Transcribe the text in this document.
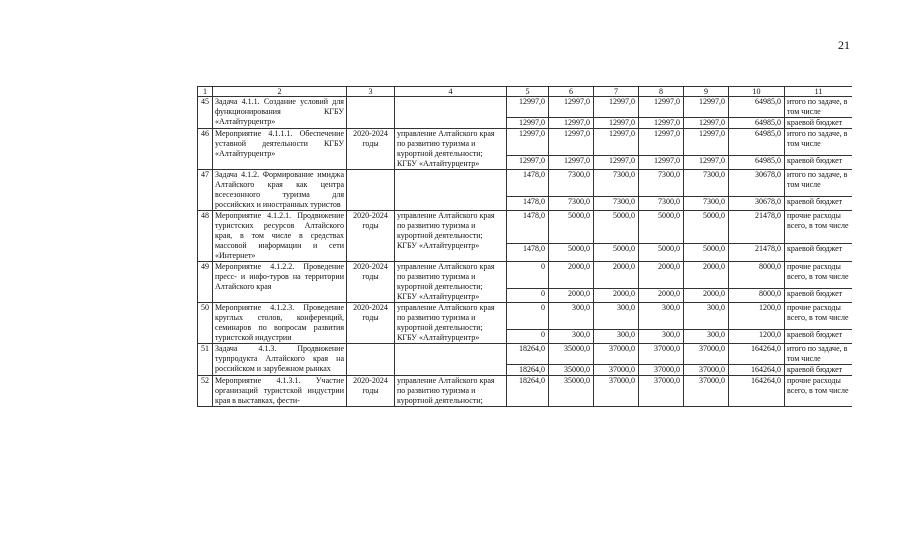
21
1	2	3	4	5	6	7	8	9	10	11
45	Задача 4.1.1. Создание условий для функционирования КГБУ «Алтайтурцентр»			12997,0	12997,0	12997,0	12997,0	12997,0	64985,0	итого по задаче, в том числе
				12997,0	12997,0	12997,0	12997,0	12997,0	64985,0	краевой бюджет
46	Мероприятие 4.1.1.1. Обеспечение уставной деятельности КГБУ «Алтайтурцентр»	2020-2024 годы	управление Алтайского края по развитию туризма и курортной деятельности; КГБУ «Алтайтурцентр»	12997,0	12997,0	12997,0	12997,0	12997,0	64985,0	итого по задаче, в том числе
				12997,0	12997,0	12997,0	12997,0	12997,0	64985,0	краевой бюджет
47	Задача 4.1.2. Формирование имиджа Алтайского края как центра всесезонного туризма для российских и иностранных туристов			1478,0	7300,0	7300,0	7300,0	7300,0	30678,0	итого по задаче, в том числе
				1478,0	7300,0	7300,0	7300,0	7300,0	30678,0	краевой бюджет
48	Мероприятие 4.1.2.1. Продвижение туристских ресурсов Алтайского края, в том числе в средствах массовой информации и сети «Интернет»	2020-2024 годы	управление Алтайского края по развитию туризма и курортной деятельности; КГБУ «Алтайтурцентр»	1478,0	5000,0	5000,0	5000,0	5000,0	21478,0	прочие расходы всего, в том числе
				1478,0	5000,0	5000,0	5000,0	5000,0	21478,0	краевой бюджет
49	Мероприятие 4.1.2.2. Проведение пресс- и инфо-туров на территории Алтайского края	2020-2024 годы	управление Алтайского края по развитию туризма и курортной деятельности; КГБУ «Алтайтурцентр»	0	2000,0	2000,0	2000,0	2000,0	8000,0	прочие расходы всего, в том числе
				0	2000,0	2000,0	2000,0	2000,0	8000,0	краевой бюджет
50	Мероприятие 4.1.2.3. Проведение круглых столов, конференций, семинаров по вопросам развития туристской индустрии	2020-2024 годы	управление Алтайского края по развитию туризма и курортной деятельности; КГБУ «Алтайтурцентр»	0	300,0	300,0	300,0	300,0	1200,0	прочие расходы всего, в том числе
				0	300,0	300,0	300,0	300,0	1200,0	краевой бюджет
51	Задача 4.1.3. Продвижение турпродукта Алтайского края на российском и зарубежном рынках			18264,0	35000,0	37000,0	37000,0	37000,0	164264,0	итого по задаче, в том числе
				18264,0	35000,0	37000,0	37000,0	37000,0	164264,0	краевой бюджет
52	Мероприятие 4.1.3.1. Участие организаций туристской индустрии края в выставках, фести-	2020-2024 годы	управление Алтайского края по развитию туризма и курортной деятельности;	18264,0	35000,0	37000,0	37000,0	37000,0	164264,0	прочие расходы всего, в том числе
